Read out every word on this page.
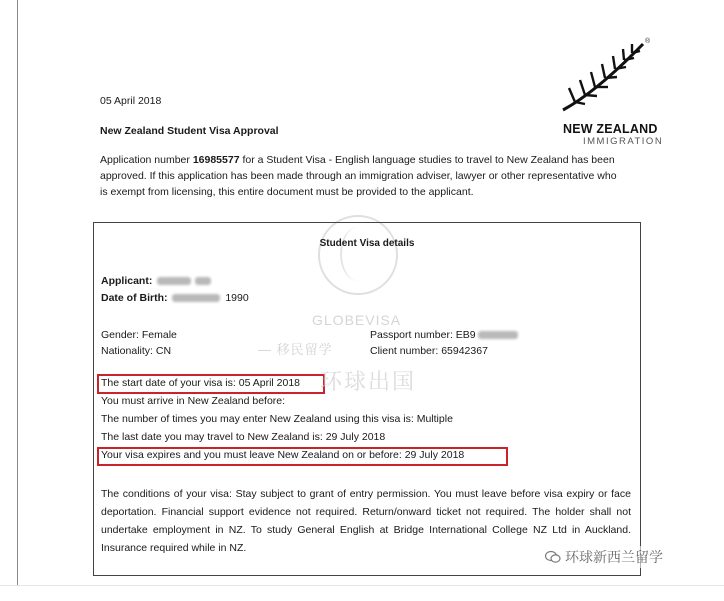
®
NEW ZEALAND
IMMIGRATION
05 April 2018
New Zealand Student Visa Approval
Application number 16985577 for a Student Visa - English language studies to travel to New Zealand has been approved. If this application has been made through an immigration adviser, lawyer or other representative who is exempt from licensing, this entire document must be provided to the applicant.
Student Visa details
Applicant:
Date of Birth:	1990
Gender: Female
Nationality: CN
Passport number: EB9
Client number: 65942367
The start date of your visa is: 05 April 2018
You must arrive in New Zealand before:
The number of times you may enter New Zealand using this visa is: Multiple
The last date you may travel to New Zealand is: 29 July 2018
Your visa expires and you must leave New Zealand on or before: 29 July 2018
The conditions of your visa: Stay subject to grant of entry permission. You must leave before visa expiry or face deportation. Financial support evidence not required. Return/onward ticket not required. The holder shall not undertake employment in NZ. To study General English at Bridge International College NZ Ltd in Auckland. Insurance required while in NZ.
GLOBEVISA
— 移民留学
环球出国
环球新西兰留学
